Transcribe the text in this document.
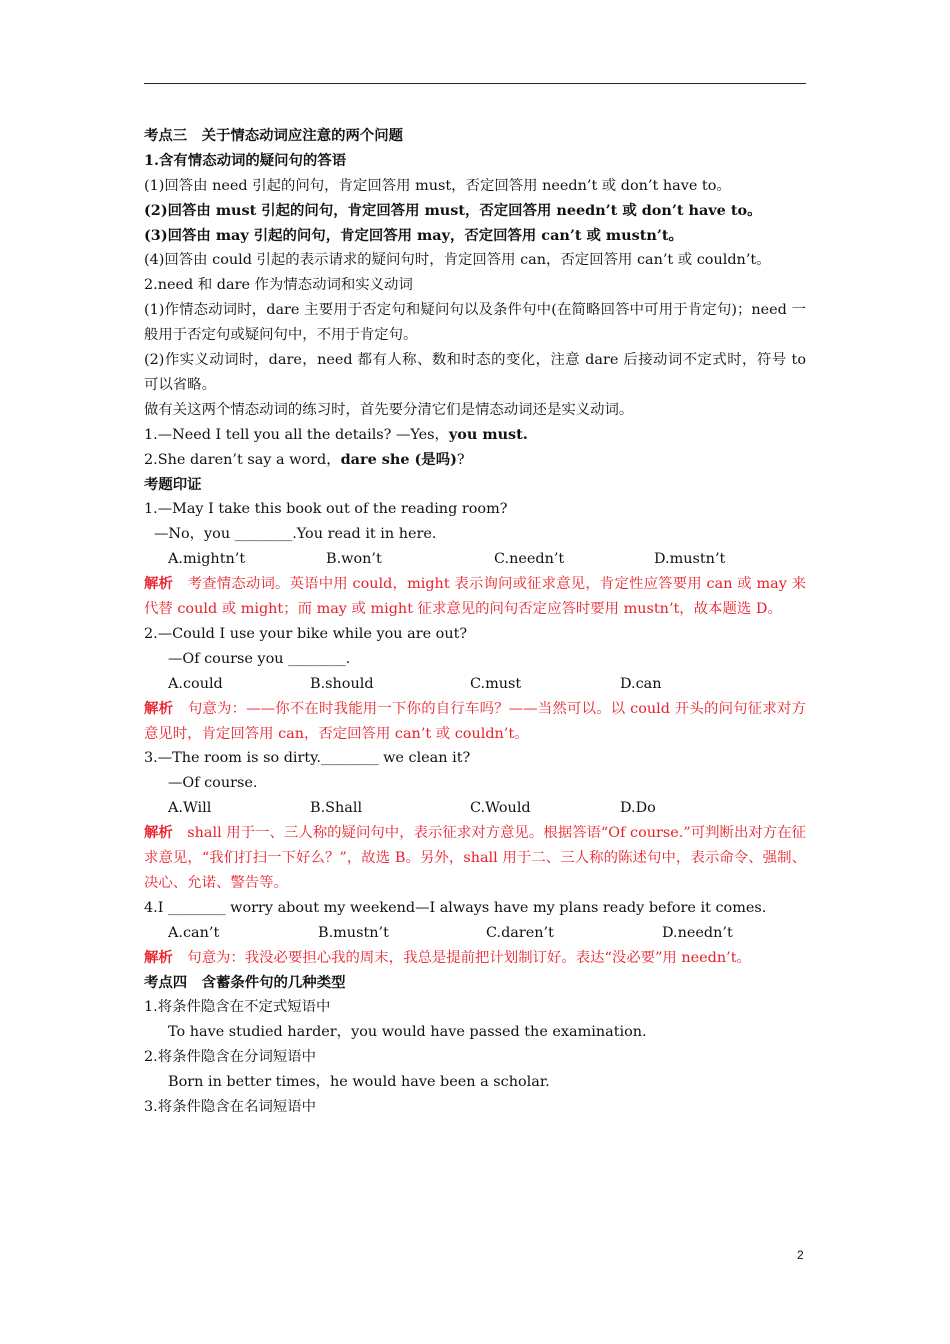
考点三　关于情态动词应注意的两个问题
1.含有情态动词的疑问句的答语
(1)回答由 need 引起的问句，肯定回答用 must，否定回答用 needn’t 或 don’t have to。
(2)回答由 must 引起的问句，肯定回答用 must，否定回答用 needn’t 或 don’t have to。
(3)回答由 may 引起的问句，肯定回答用 may，否定回答用 can’t 或 mustn’t。
(4)回答由 could 引起的表示请求的疑问句时，肯定回答用 can，否定回答用 can’t 或 couldn’t。
2.need 和 dare 作为情态动词和实义动词
(1)作情态动词时，dare 主要用于否定句和疑问句以及条件句中(在简略回答中可用于肯定句)；need 一般用于否定句或疑问句中，不用于肯定句。
(2)作实义动词时，dare，need 都有人称、数和时态的变化，注意 dare 后接动词不定式时，符号 to 可以省略。
做有关这两个情态动词的练习时，首先要分清它们是情态动词还是实义动词。
1.—Need I tell you all the details? —Yes，you must.
2.She daren’t say a word，dare she (是吗)?
考题印证
1.—May I take this book out of the reading room?
—No，you ________.You read it in here.
A.mightn’t	B.won’t	C.needn’t	D.mustn’t
解析　 考查情态动词。英语中用 could，might 表示询问或征求意见，肯定性应答要用 can 或 may 来代替 could 或 might；而 may 或 might 征求意见的问句否定应答时要用 mustn’t，故本题选 D。
2.—Could I use your bike while you are out?
—Of course you ________.
A.could	B.should	C.must	D.can
解析　 句意为：——你不在时我能用一下你的自行车吗？——当然可以。以 could 开头的问句征求对方意见时，肯定回答用 can，否定回答用 can’t 或 couldn’t。
3.—The room is so dirty.________ we clean it?
—Of course.
A.Will	B.Shall	C.Would	D.Do
解析　 shall 用于一、三人称的疑问句中，表示征求对方意见。根据答语“Of course.”可判断出对方在征求意见，“我们打扫一下好么？”，故选 B。另外，shall 用于二、三人称的陈述句中，表示命令、强制、决心、允诺、警告等。
4.I ________ worry about my weekend—I always have my plans ready before it comes.
A.can’t	B.mustn’t	C.daren’t	D.needn’t
解析　 句意为：我没必要担心我的周末，我总是提前把计划制订好。表达“没必要”用 needn’t。
考点四　含蓄条件句的几种类型
1.将条件隐含在不定式短语中
To have studied harder，you would have passed the examination.
2.将条件隐含在分词短语中
Born in better times，he would have been a scholar.
3.将条件隐含在名词短语中
2
